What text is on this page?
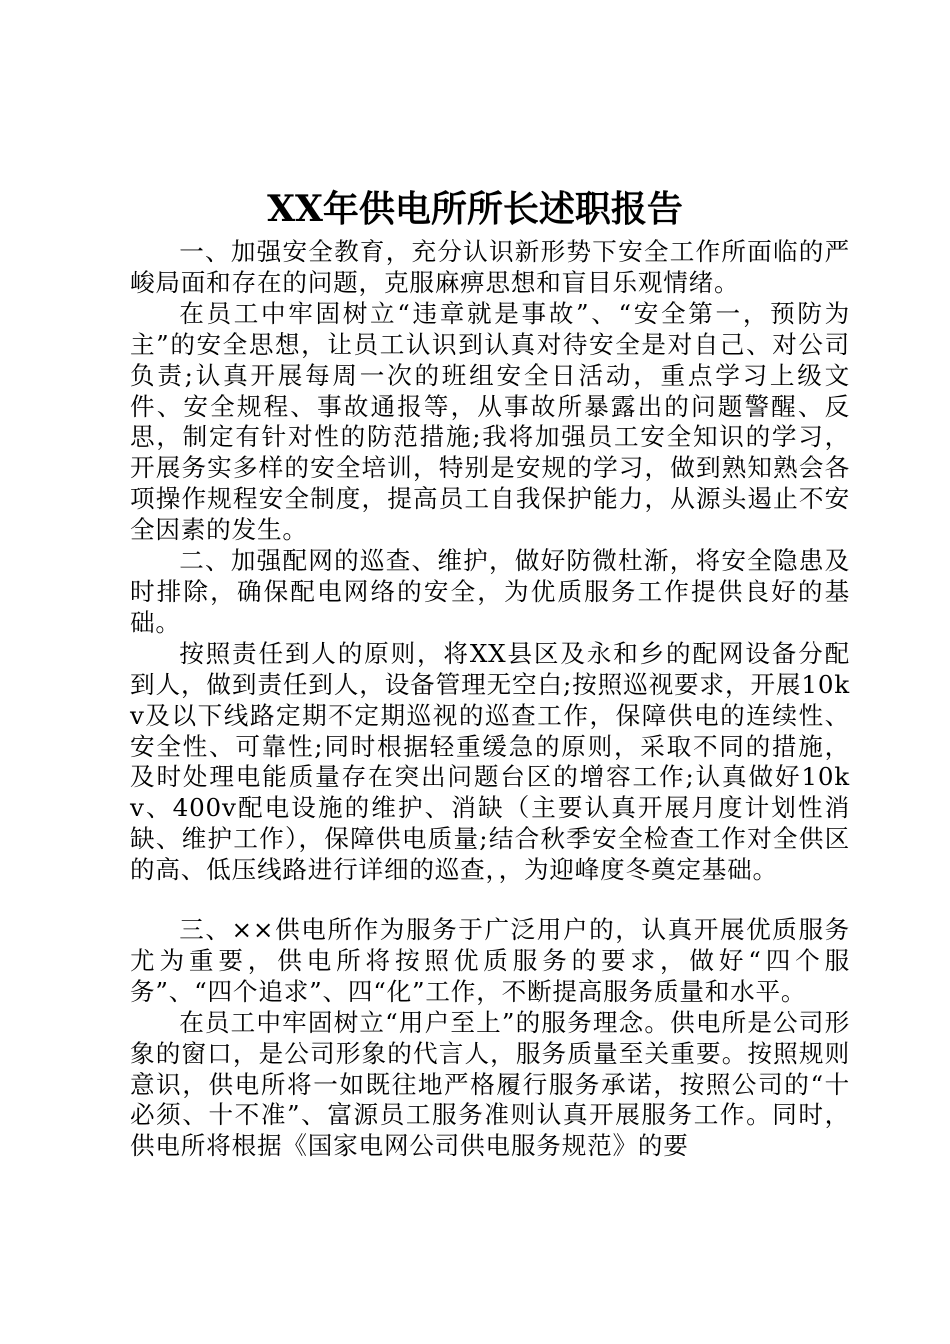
XX年供电所所长述职报告

一、加强安全教育，充分认识新形势下安全工作所面临的严峻局面和存在的问题，克服麻痹思想和盲目乐观情绪。

在员工中牢固树立“违章就是事故”、“安全第一，预防为主”的安全思想，让员工认识到认真对待安全是对自己、对公司负责;认真开展每周一次的班组安全日活动，重点学习上级文件、安全规程、事故通报等，从事故所暴露出的问题警醒、反思，制定有针对性的防范措施;我将加强员工安全知识的学习，开展务实多样的安全培训，特别是安规的学习，做到熟知熟会各项操作规程安全制度，提高员工自我保护能力，从源头遏止不安全因素的发生。

二、加强配网的巡查、维护，做好防微杜渐，将安全隐患及时排除，确保配电网络的安全，为优质服务工作提供良好的基础。

按照责任到人的原则，将XX县区及永和乡的配网设备分配到人，做到责任到人，设备管理无空白;按照巡视要求，开展10kv及以下线路定期不定期巡视的巡查工作，保障供电的连续性、安全性、可靠性;同时根据轻重缓急的原则，采取不同的措施，及时处理电能质量存在突出问题台区的增容工作;认真做好10kv、400v配电设施的维护、消缺（主要认真开展月度计划性消缺、维护工作），保障供电质量;结合秋季安全检查工作对全供区的高、低压线路进行详细的巡查，，为迎峰度冬奠定基础。

三、××供电所作为服务于广泛用户的，认真开展优质服务尤为重要，供电所将按照优质服务的要求，做好“四个服务”、“四个追求”、四“化”工作，不断提高服务质量和水平。

在员工中牢固树立“用户至上”的服务理念。供电所是公司形象的窗口，是公司形象的代言人，服务质量至关重要。按照规则意识，供电所将一如既往地严格履行服务承诺，按照公司的“十必须、十不准”、富源员工服务准则认真开展服务工作。同时，供电所将根据《国家电网公司供电服务规范》的要
